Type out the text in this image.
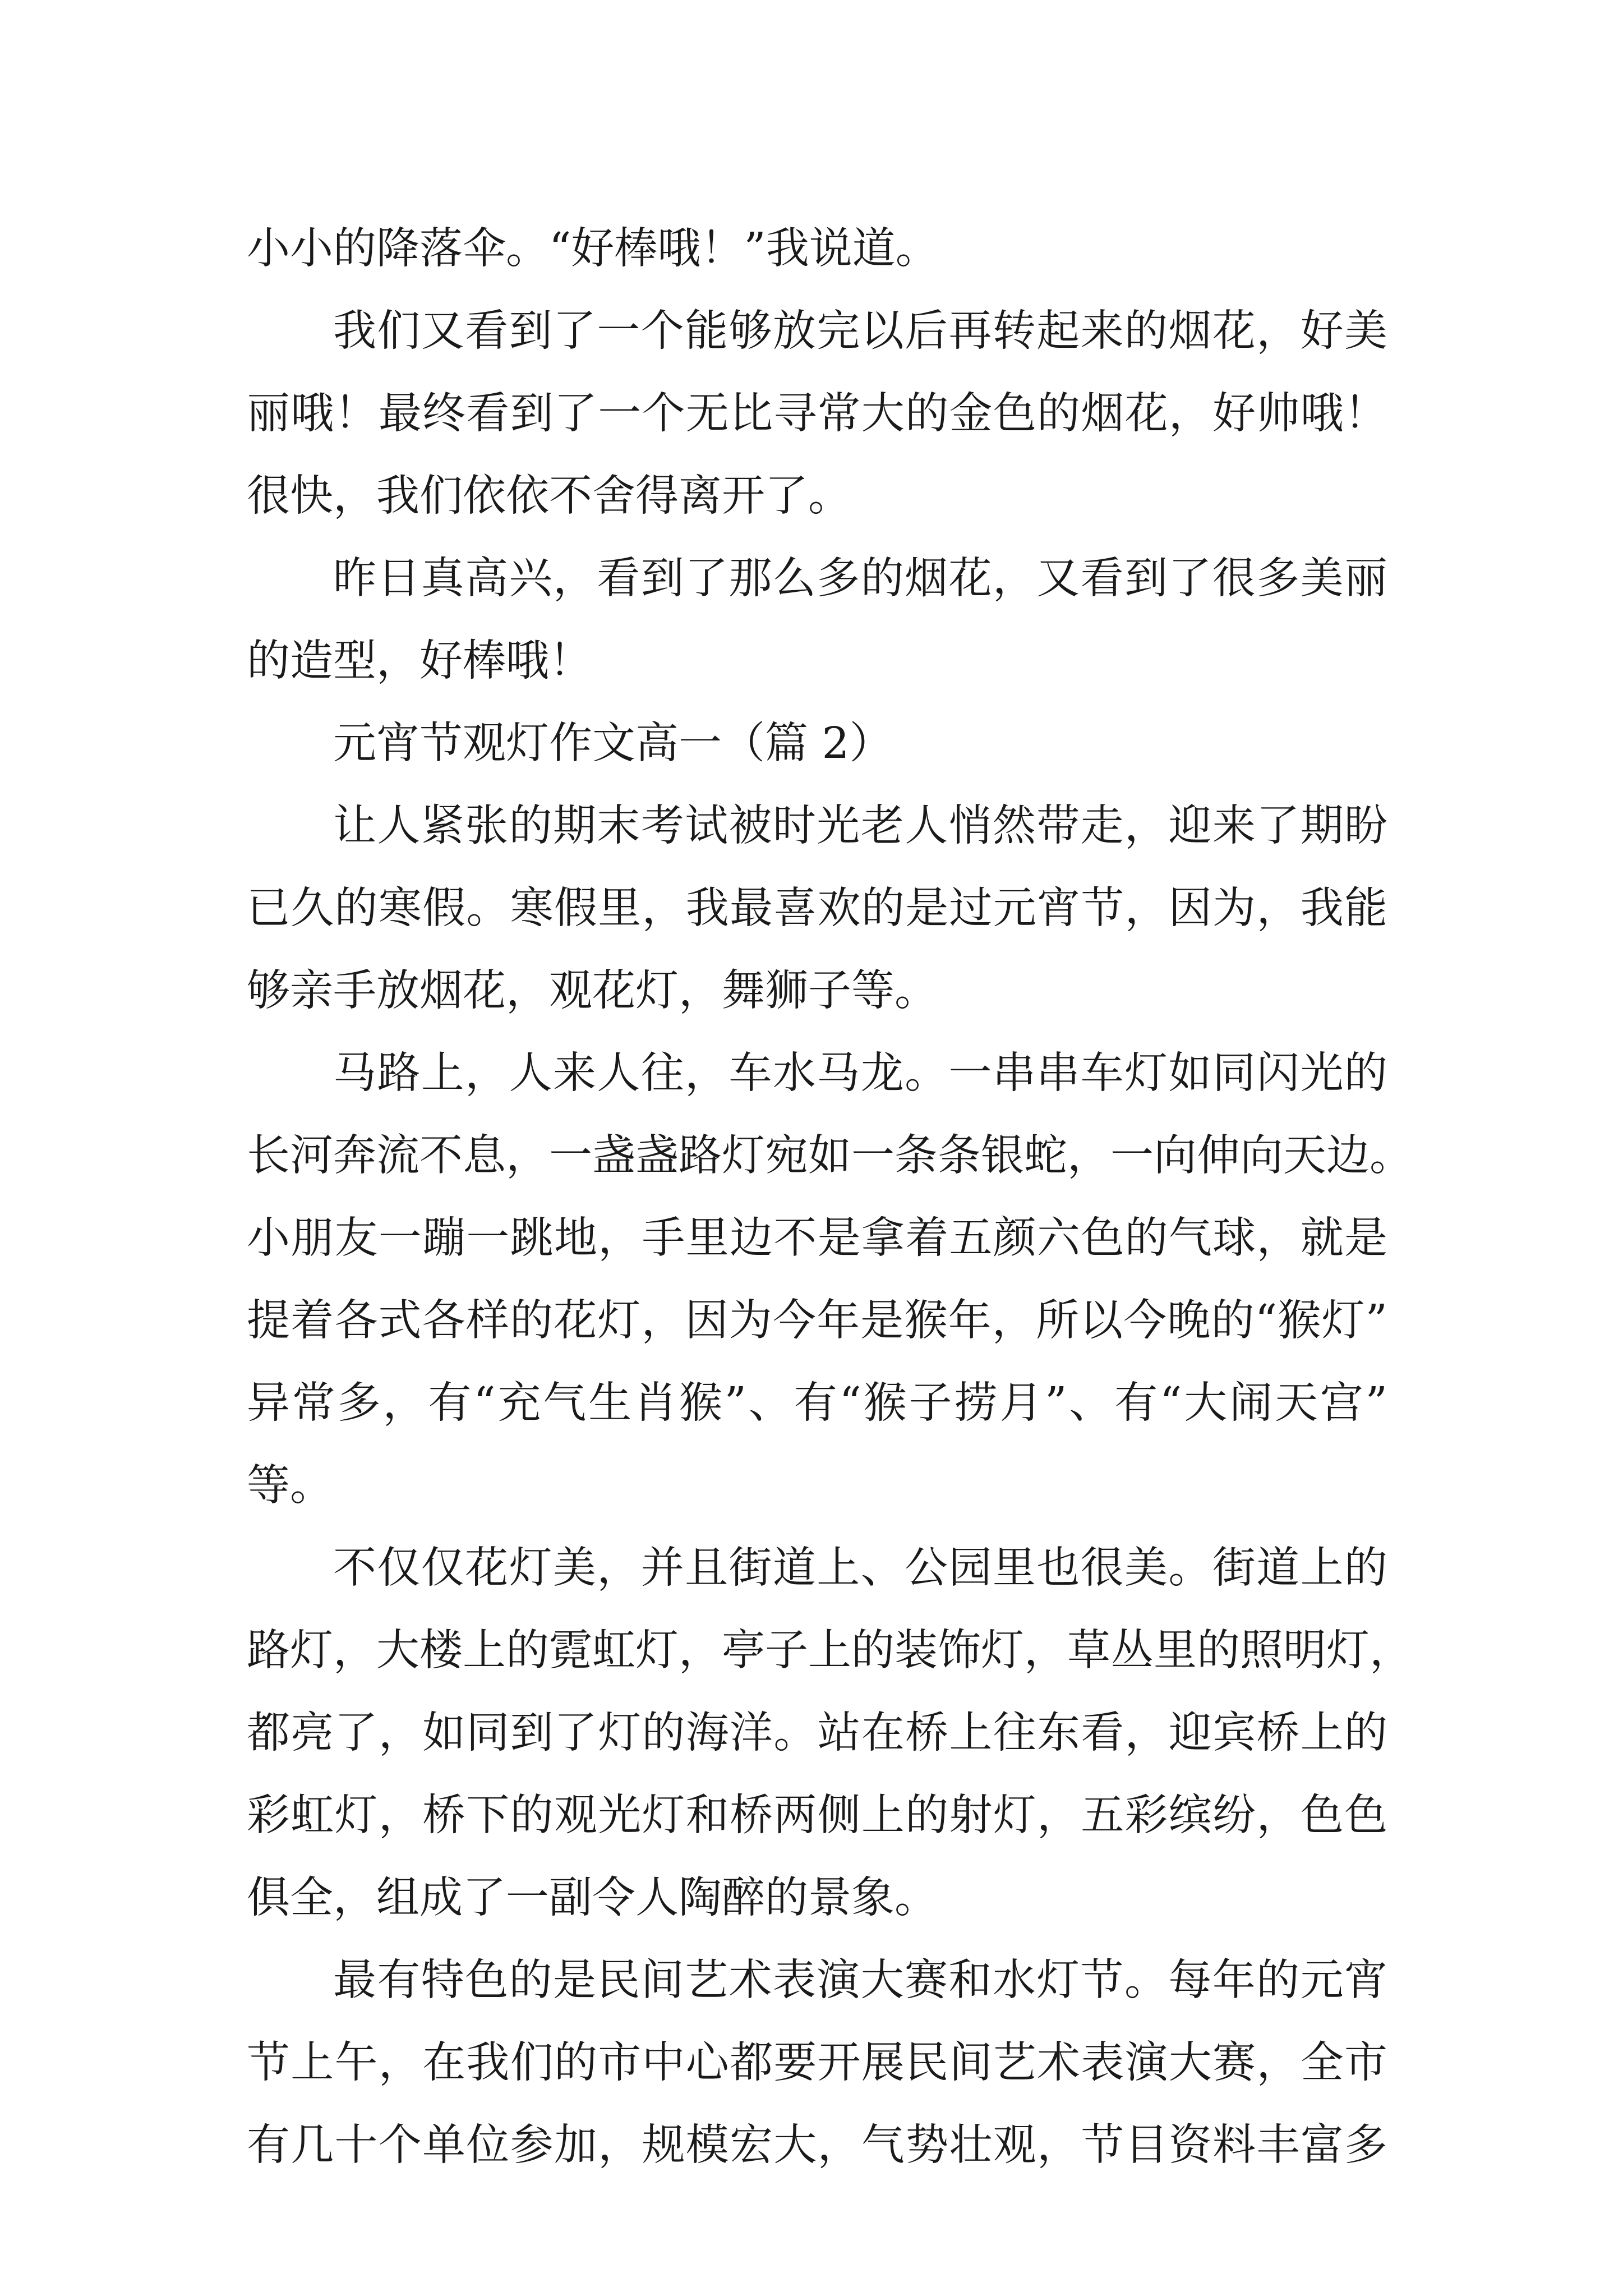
小小的降落伞。“好棒哦！”我说道。
我们又看到了一个能够放完以后再转起来的烟花，好美
丽哦！最终看到了一个无比寻常大的金色的烟花，好帅哦！
很快，我们依依不舍得离开了。
昨日真高兴，看到了那么多的烟花，又看到了很多美丽
的造型，好棒哦！
元宵节观灯作文高一（篇 2）
让人紧张的期末考试被时光老人悄然带走，迎来了期盼
已久的寒假。寒假里，我最喜欢的是过元宵节，因为，我能
够亲手放烟花，观花灯，舞狮子等。
马路上，人来人往，车水马龙。一串串车灯如同闪光的
长河奔流不息，一盏盏路灯宛如一条条银蛇，一向伸向天边。
小朋友一蹦一跳地，手里边不是拿着五颜六色的气球，就是
提着各式各样的花灯，因为今年是猴年，所以今晚的“猴灯”
异常多，有“充气生肖猴”、有“猴子捞月”、有“大闹天宫”
等。
不仅仅花灯美，并且街道上、公园里也很美。街道上的
路灯，大楼上的霓虹灯，亭子上的装饰灯，草丛里的照明灯，
都亮了，如同到了灯的海洋。站在桥上往东看，迎宾桥上的
彩虹灯，桥下的观光灯和桥两侧上的射灯，五彩缤纷，色色
俱全，组成了一副令人陶醉的景象。
最有特色的是民间艺术表演大赛和水灯节。每年的元宵
节上午，在我们的市中心都要开展民间艺术表演大赛，全市
有几十个单位参加，规模宏大，气势壮观，节目资料丰富多
